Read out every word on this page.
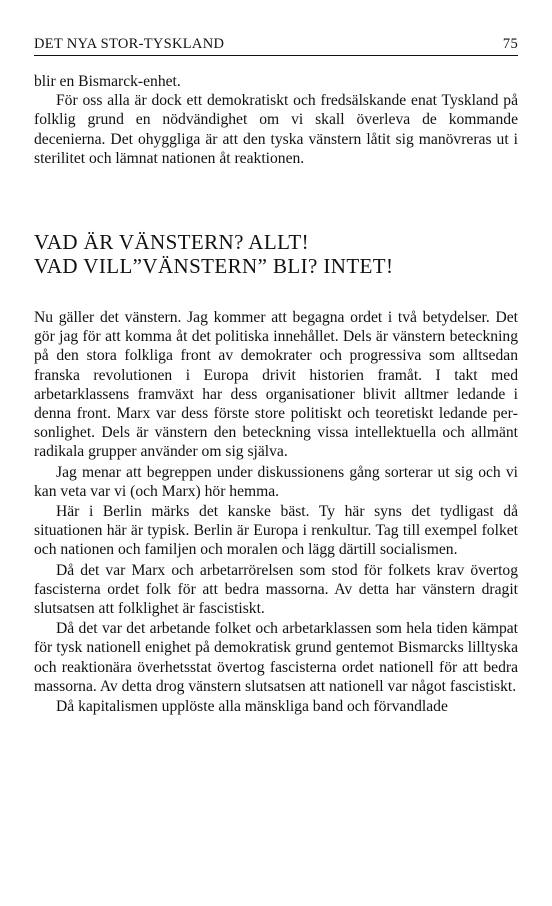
DET NYA STOR-TYSKLAND	75

blir en Bismarck-enhet.

För oss alla är dock ett demokratiskt och fredsälskande enat Tyskland på folklig grund en nödvändighet om vi skall överleva de kommande decenierna. Det ohyggliga är att den tyska vänstern låtit sig manövreras ut i sterilitet och lämnat nationen åt reaktionen.

VAD ÄR VÄNSTERN? ALLT!
VAD VILL”VÄNSTERN” BLI? INTET!

Nu gäller det vänstern. Jag kommer att begagna ordet i två betydelser. Det gör jag för att komma åt det politiska innehållet. Dels är vänstern beteckning på den stora folkliga front av demokrater och progressiva som alltsedan franska revolutionen i Europa drivit historien framåt. I takt med arbetarklassens framväxt har dess organisationer blivit alltmer ledande i denna front. Marx var dess förste store politiskt och teoretiskt ledande personlighet. Dels är vänstern den beteckning vissa intellektuella och allmänt radikala grupper använder om sig själva.

Jag menar att begreppen under diskussionens gång sorterar ut sig och vi kan veta var vi (och Marx) hör hemma.

Här i Berlin märks det kanske bäst. Ty här syns det tydligast då situationen här är typisk. Berlin är Europa i renkultur. Tag till exempel folket och nationen och familjen och moralen och lägg därtill socialismen.

Då det var Marx och arbetarrörelsen som stod för folkets krav övertog fascisterna ordet folk för att bedra massorna. Av detta har vänstern dragit slutsatsen att folklighet är fascistiskt.

Då det var det arbetande folket och arbetarklassen som hela tiden kämpat för tysk nationell enighet på demokratisk grund gentemot Bismarcks lilltyska och reaktionära överhetsstat övertog fascisterna ordet nationell för att bedra massorna. Av detta drog vänstern slutsatsen att nationell var något fascistiskt.

Då kapitalismen upplöste alla mänskliga band och förvandlade
